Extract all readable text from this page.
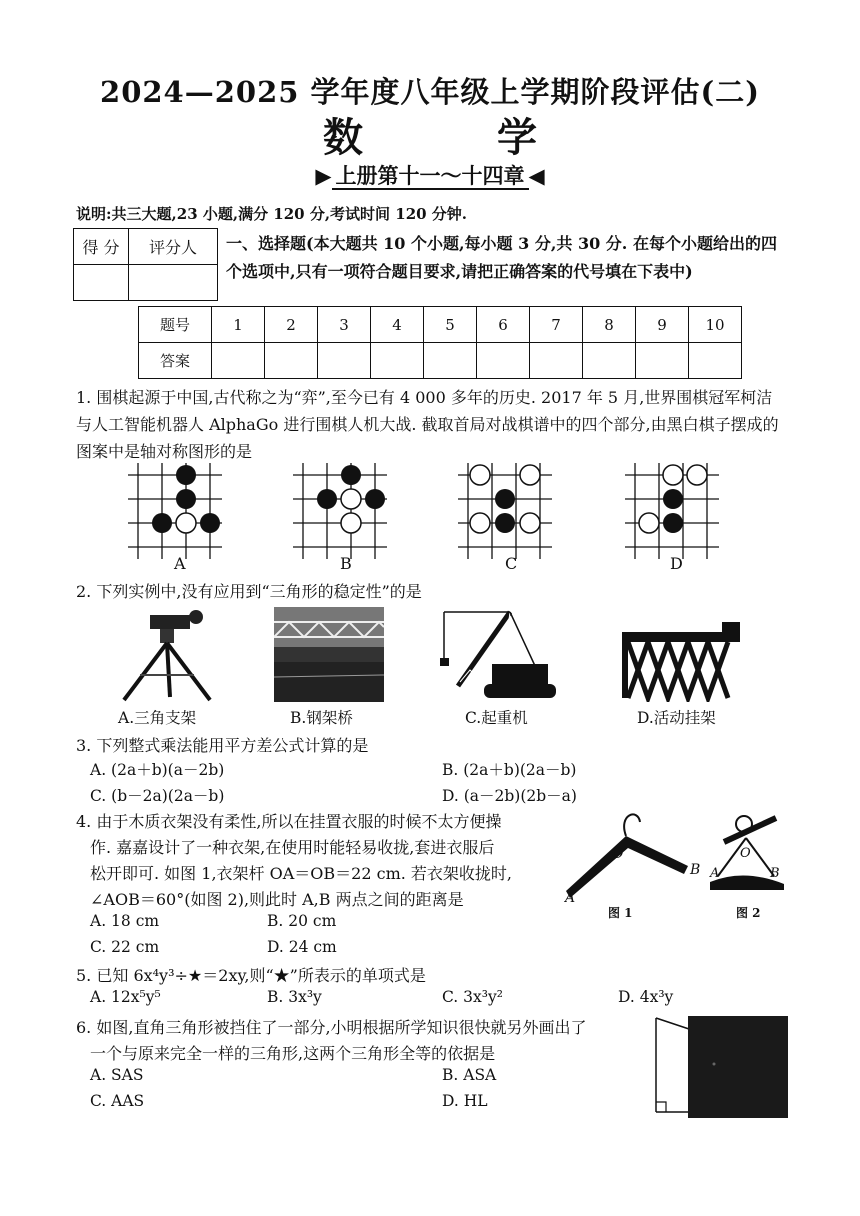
2024—2025 学年度八年级上学期阶段评估(二)
数 学
▶ 上册第十一～十四章 ◀
说明:共三大题,23 小题,满分 120 分,考试时间 120 分钟.
得 分	评分人
	一、选择题(本大题共 10 个小题,每小题 3 分,共 30 分. 在每个小题给出的四个选项中,只有一项符合题目要求,请把正确答案的代号填在下表中)
题号	1	2	3	4	5	6	7	8	9	10
答案										
1. 围棋起源于中国,古代称之为“弈”,至今已有 4 000 多年的历史. 2017 年 5 月,世界围棋冠军柯洁与人工智能机器人 AlphaGo 进行围棋人机大战. 截取首局对战棋谱中的四个部分,由黑白棋子摆成的图案中是轴对称图形的是
A	B	C	D
2. 下列实例中,没有应用到“三角形的稳定性”的是
A.三角支架	B.钢架桥	C.起重机	D.活动挂架
3. 下列整式乘法能用平方差公式计算的是
A. (2a＋b)(a－2b)	B. (2a＋b)(2a－b)
C. (b－2a)(2a－b)	D. (a－2b)(2b－a)
4. 由于木质衣架没有柔性,所以在挂置衣服的时候不太方便操
作. 嘉嘉设计了一种衣架,在使用时能轻易收拢,套进衣服后
松开即可. 如图 1,衣架杆 OA＝OB＝22 cm. 若衣架收拢时,
∠AOB＝60°(如图 2),则此时 A,B 两点之间的距离是
A. 18 cm	B. 20 cm
C. 22 cm	D. 24 cm
O
A
B
图 1
O
A	B
图 2
5. 已知 6x⁴y³÷★＝2xy,则“★”所表示的单项式是
A. 12x⁵y⁵	B. 3x³y	C. 3x³y²	D. 4x³y
6. 如图,直角三角形被挡住了一部分,小明根据所学知识很快就另外画出了
一个与原来完全一样的三角形,这两个三角形全等的依据是
A. SAS	B. ASA
C. AAS	D. HL
